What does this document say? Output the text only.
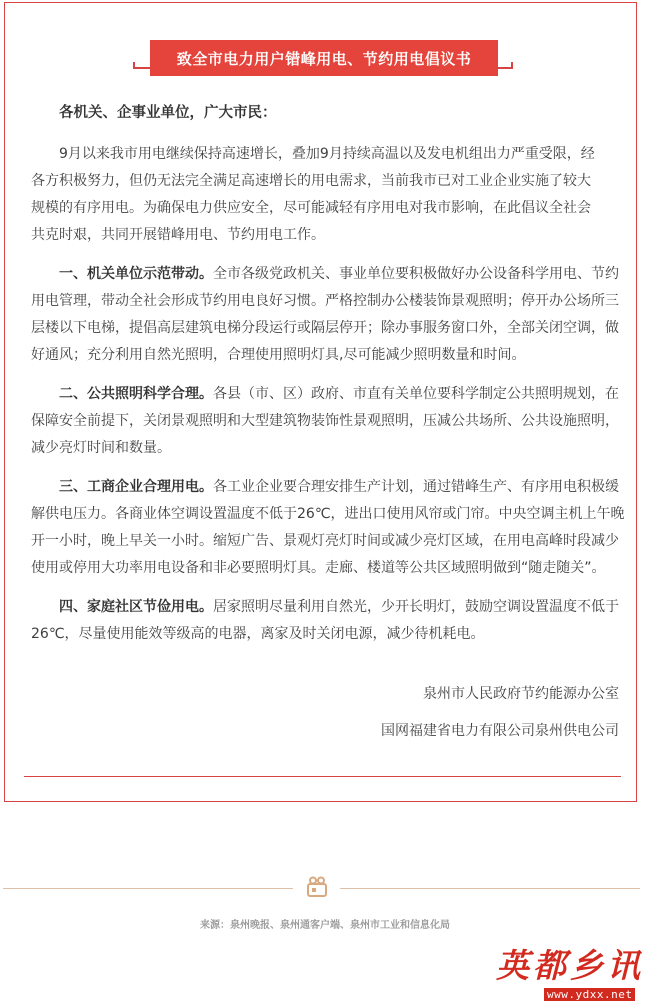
致全市电力用户错峰用电、节约用电倡议书

各机关、企事业单位，广大市民：

9月以来我市用电继续保持高速增长，叠加9月持续高温以及发电机组出力严重受限，经各方积极努力，但仍无法完全满足高速增长的用电需求，当前我市已对工业企业实施了较大规模的有序用电。为确保电力供应安全，尽可能减轻有序用电对我市影响，在此倡议全社会共克时艰，共同开展错峰用电、节约用电工作。

一、机关单位示范带动。全市各级党政机关、事业单位要积极做好办公设备科学用电、节约用电管理，带动全社会形成节约用电良好习惯。严格控制办公楼装饰景观照明；停开办公场所三层楼以下电梯，提倡高层建筑电梯分段运行或隔层停开；除办事服务窗口外，全部关闭空调，做好通风；充分利用自然光照明，合理使用照明灯具,尽可能减少照明数量和时间。

二、公共照明科学合理。各县（市、区）政府、市直有关单位要科学制定公共照明规划，在保障安全前提下，关闭景观照明和大型建筑物装饰性景观照明，压减公共场所、公共设施照明，减少亮灯时间和数量。

三、工商企业合理用电。各工业企业要合理安排生产计划，通过错峰生产、有序用电积极缓解供电压力。各商业体空调设置温度不低于26℃，进出口使用风帘或门帘。中央空调主机上午晚开一小时，晚上早关一小时。缩短广告、景观灯亮灯时间或减少亮灯区域，在用电高峰时段减少使用或停用大功率用电设备和非必要照明灯具。走廊、楼道等公共区域照明做到“随走随关”。

四、家庭社区节俭用电。居家照明尽量利用自然光，少开长明灯，鼓励空调设置温度不低于26℃，尽量使用能效等级高的电器，离家及时关闭电源，减少待机耗电。

泉州市人民政府节约能源办公室
国网福建省电力有限公司泉州供电公司
来源：泉州晚报、泉州通客户端、泉州市工业和信息化局
英都乡讯
www.ydxx.net
